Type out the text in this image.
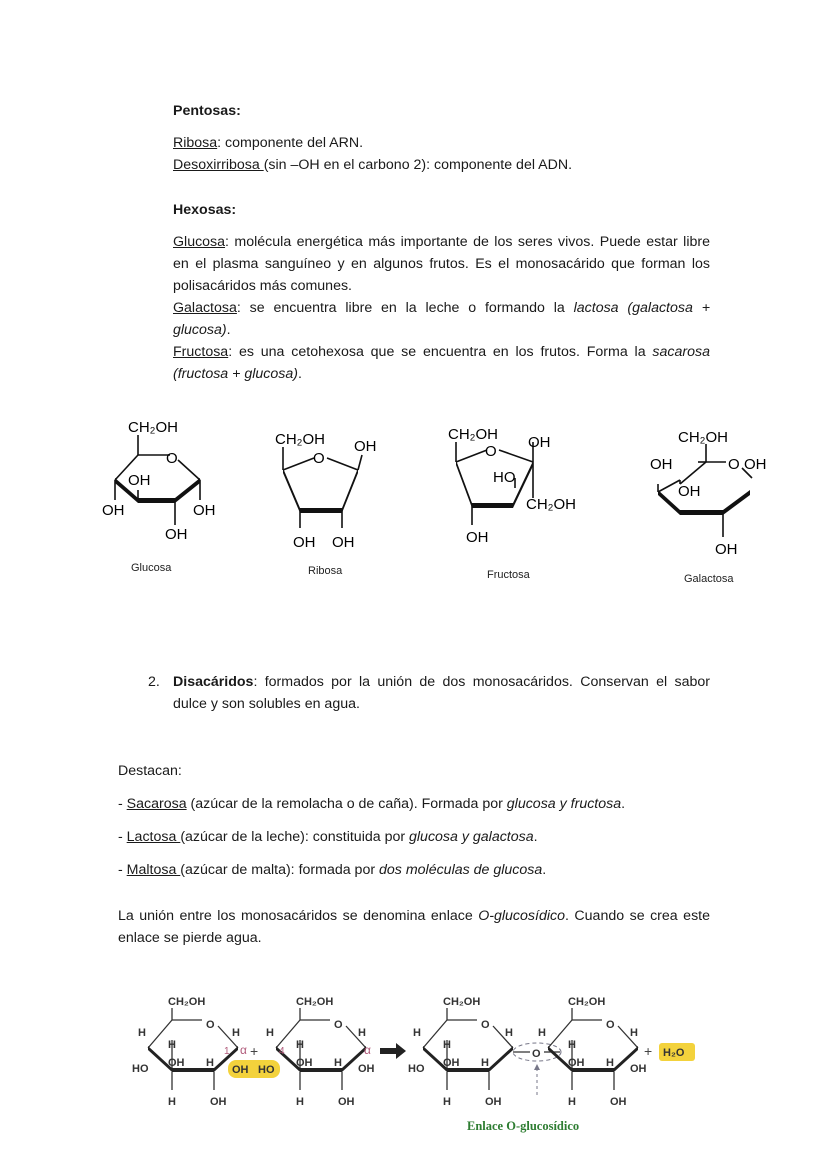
Pentosas:
Ribosa: componente del ARN.
Desoxirribosa (sin –OH en el carbono 2): componente del ADN.
Hexosas:
Glucosa: molécula energética más importante de los seres vivos. Puede estar libre en el plasma sanguíneo y en algunos frutos. Es el monosacárido que forman los polisacáridos más comunes.
Galactosa: se encuentra libre en la leche o formando la lactosa (galactosa + glucosa).
Fructosa: es una cetohexosa que se encuentra en los frutos. Forma la sacarosa (fructosa + glucosa).
CH₂OH
O
OH
OH	OH
OH
Glucosa
CH₂OH
O
OH
OH OH
Ribosa
CH₂OH
O
OH
HO
CH₂OH
OH
Fructosa
CH₂OH
OH	O OH
OH
OH
Galactosa
2. Disacáridos: formados por la unión de dos monosacáridos. Conservan el sabor dulce y son solubles en agua.
Destacan:
- Sacarosa (azúcar de la remolacha o de caña). Formada por glucosa y fructosa.
- Lactosa (azúcar de la leche): constituida por glucosa y galactosa.
- Maltosa (azúcar de malta): formada por dos moléculas de glucosa.
La unión entre los monosacáridos se denomina enlace O-glucosídico. Cuando se crea este enlace se pierde agua.
CH₂OH
O
H
H
H
HO OH H
1 α
H	OH
OH HO
+
CH₂OH
O
H
H
H
4
OH H
α
OH
H	OH
CH₂OH
O
H
H
H
HO OH H
H	OH
O
CH₂OH
O
H
H
H
OH H OH
H	OH
+ H₂O
Enlace O-glucosídico
